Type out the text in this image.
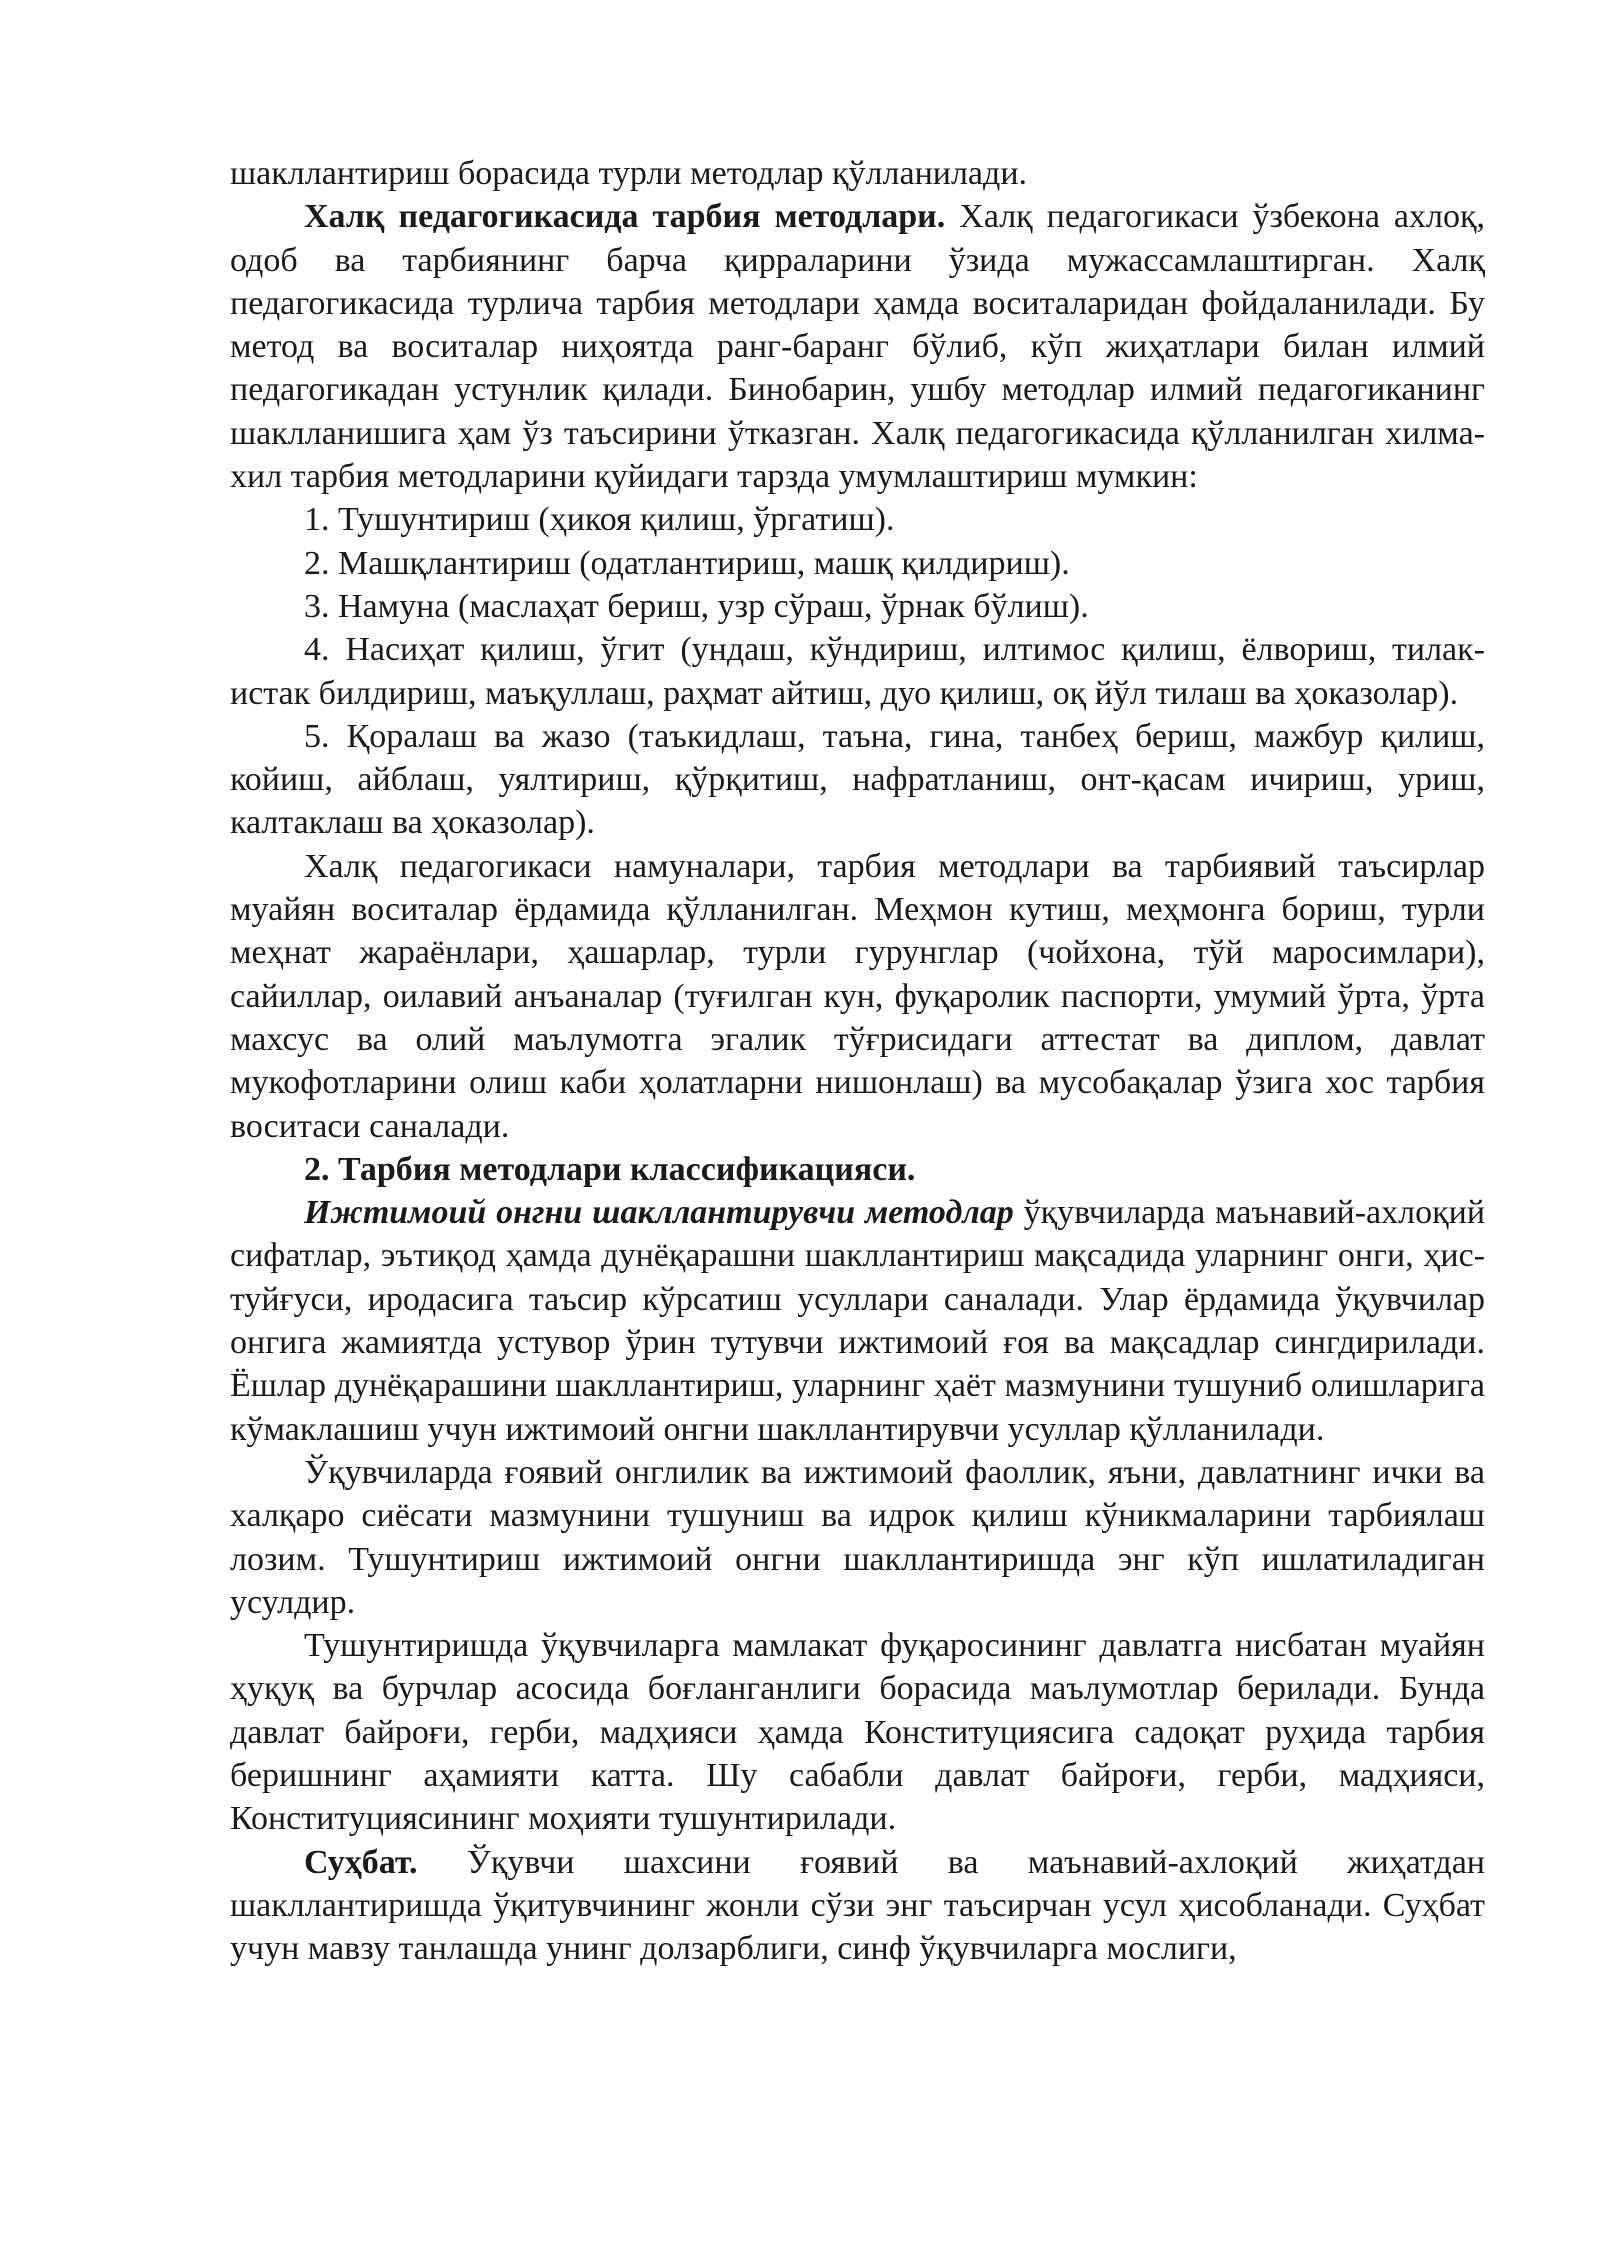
шакллантириш борасида турли методлар қўлланилади.

Халқ педагогикасида тарбия методлари. Халқ педагогикаси ўзбекона ахлоқ, одоб ва тарбиянинг барча қирраларини ўзида мужассамлаштирган. Халқ педагогикасида турлича тарбия методлари ҳамда воситаларидан фойдаланилади. Бу метод ва воситалар ниҳоятда ранг-баранг бўлиб, кўп жиҳатлари билан илмий педагогикадан устунлик қилади. Бинобарин, ушбу методлар илмий педагогиканинг шаклланишига ҳам ўз таъсирини ўтказган. Халқ педагогикасида қўлланилган хилма-хил тарбия методларини қуйидаги тарзда умумлаштириш мумкин:

1. Тушунтириш (ҳикоя қилиш, ўргатиш).

2. Машқлантириш (одатлантириш, машқ қилдириш).

3. Намуна (маслаҳат бериш, узр сўраш, ўрнак бўлиш).

4. Насиҳат қилиш, ўгит (ундаш, кўндириш, илтимос қилиш, ёлвориш, тилак-истак билдириш, маъқуллаш, раҳмат айтиш, дуо қилиш, оқ йўл тилаш ва ҳоказолар).

5. Қоралаш ва жазо (таъкидлаш, таъна, гина, танбеҳ бериш, мажбур қилиш, койиш, айблаш, уялтириш, қўрқитиш, нафратланиш, онт-қасам ичириш, уриш, калтаклаш ва ҳоказолар).

Халқ педагогикаси намуналари, тарбия методлари ва тарбиявий таъсирлар муайян воситалар ёрдамида қўлланилган. Меҳмон кутиш, меҳмонга бориш, турли меҳнат жараёнлари, ҳашарлар, турли гурунглар (чойхона, тўй маросимлари), сайиллар, оилавий анъаналар (туғилган кун, фуқаролик паспорти, умумий ўрта, ўрта махсус ва олий маълумотга эгалик тўғрисидаги аттестат ва диплом, давлат мукофотларини олиш каби ҳолатларни нишонлаш) ва мусобақалар ўзига хос тарбия воситаси саналади.

2. Тарбия методлари классификацияси.

Ижтимоий онгни шакллантирувчи методлар ўқувчиларда маънавий-ахлоқий сифатлар, эътиқод ҳамда дунёқарашни шакллантириш мақсадида уларнинг онги, ҳис-туйғуси, иродасига таъсир кўрсатиш усуллари саналади. Улар ёрдамида ўқувчилар онгига жамиятда устувор ўрин тутувчи ижтимоий ғоя ва мақсадлар сингдирилади. Ёшлар дунёқарашини шакллантириш, уларнинг ҳаёт мазмунини тушуниб олишларига кўмаклашиш учун ижтимоий онгни шакллантирувчи усуллар қўлланилади.

Ўқувчиларда ғоявий онглилик ва ижтимоий фаоллик, яъни, давлатнинг ички ва халқаро сиёсати мазмунини тушуниш ва идрок қилиш кўникмаларини тарбиялаш лозим. Тушунтириш ижтимоий онгни шакллантиришда энг кўп ишлатиладиган усулдир.

Тушунтиришда ўқувчиларга мамлакат фуқаросининг давлатга нисбатан муайян ҳуқуқ ва бурчлар асосида боғланганлиги борасида маълумотлар берилади. Бунда давлат байроғи, герби, мадҳияси ҳамда Конституциясига садоқат руҳида тарбия беришнинг аҳамияти катта. Шу сабабли давлат байроғи, герби, мадҳияси, Конституциясининг моҳияти тушунтирилади.

Суҳбат. Ўқувчи шахсини ғоявий ва маънавий-ахлоқий жиҳатдан шакллантиришда ўқитувчининг жонли сўзи энг таъсирчан усул ҳисобланади. Суҳбат учун мавзу танлашда унинг долзарблиги, синф ўқувчиларга мослиги,
